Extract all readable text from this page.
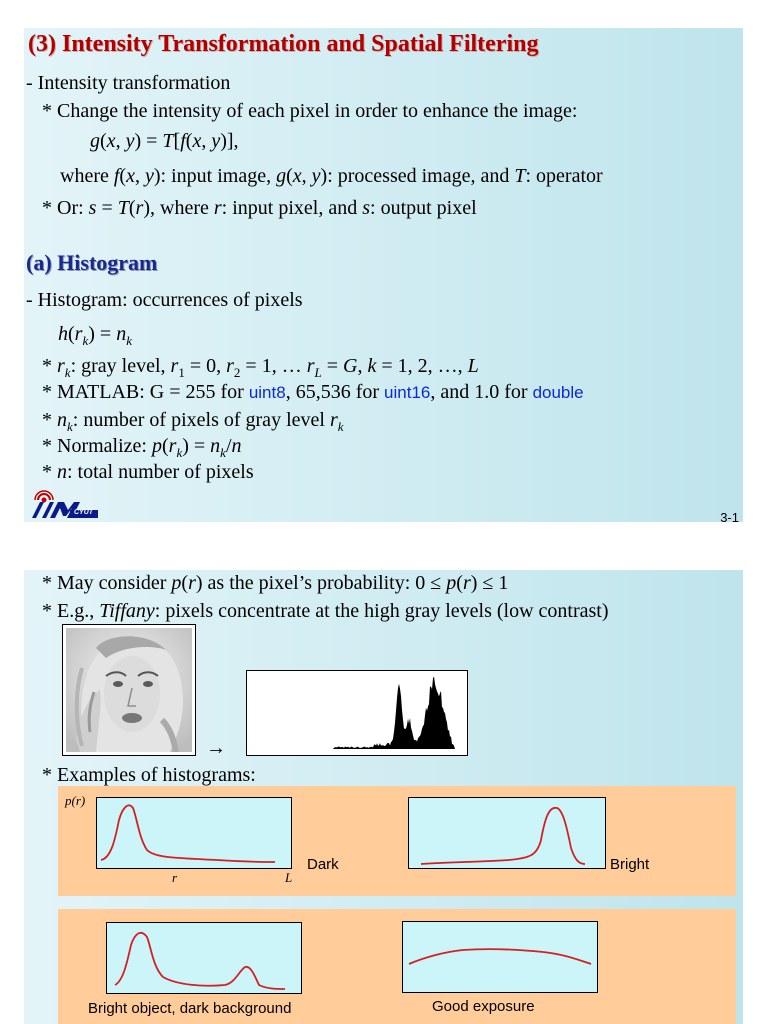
(3) Intensity Transformation and Spatial Filtering
- Intensity transformation
* Change the intensity of each pixel in order to enhance the image:
g(x, y) = T[f(x, y)],
where f(x, y): input image, g(x, y): processed image, and T: operator
* Or: s = T(r), where r: input pixel, and s: output pixel
(a) Histogram
- Histogram: occurrences of pixels
$h(r_k) = n_k$
* $r_k$: gray level, $r_1 = 0$, $r_2 = 1$, … $r_L = G$, k = 1, 2, …, L
* MATLAB: G = 255 for uint8, 65,536 for uint16, and 1.0 for double
* $n_k$: number of pixels of gray level $r_k$
* Normalize: $p(r_k) = n_k/n$
* n: total number of pixels
CYUT	3-1
* May consider p(r) as the pixel’s probability: 0 ≤ p(r) ≤ 1
* E.g., Tiffany: pixels concentrate at the high gray levels (low contrast)
→
* Examples of histograms:
p(r)
r	L
Dark	Bright
Bright object, dark background	Good exposure
